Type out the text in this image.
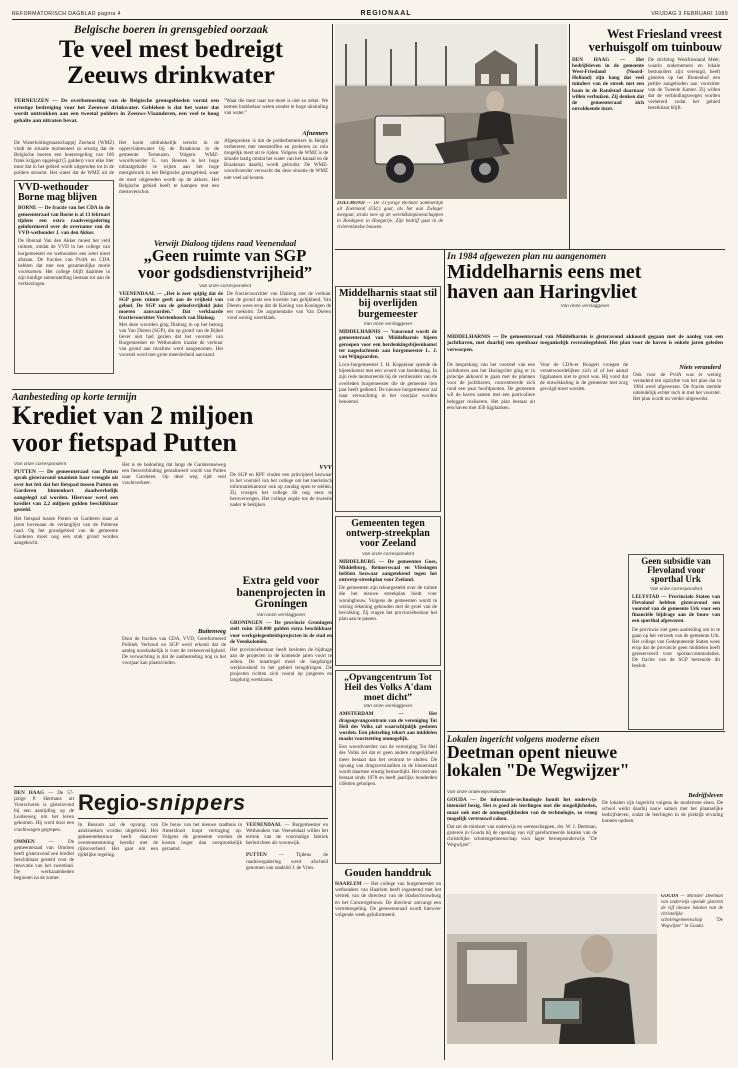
REFORMATORISCH DAGBLAD pagina 4	REGIONAAL	VRIJDAG 3 FEBRUARI 1989
Belgische boeren in grensgebied oorzaak
Te veel mest bedreigt
Zeeuws drinkwater
TERNEUZEN — De overbemesting van de Belgische grensgebieden vormt een ernstige bedreiging voor het Zeeuwse drinkwater. Gebleken is dat het water dat wordt onttrokken aan een tweetal polders in Zeeuws-Vlaanderen, een veel te hoog gehalte aan nitraten bevat.
De Waterleidingmaatschappij Zeeland (WMZ) vindt de situatie momenteel zo ernstig dat de Belgische boeren een boeteregeling van 100 frank krijgen opgelegd (5 gulden) voor elke liter mest dat in het gebied wordt uitgereden tot in de polders stroomt. Het water dat de WMZ uit de
Het komt uitdrukkelijk terecht in de oppervlaktewater bij de Braakman in de gemeente Terneuzen. Volgens WMZ-woordvoerder G. van Reenen is het hoge nitraatgehalte te wijten aan het hoge mestgebruik in het Belgische grensgebied, waar de mest uitgereden wordt op de akkers. Het Belgische gebied heeft te kampen met een mestoverschot.
"Waar die mest naar toe moet is niet zo zeker. We nemen brabbelaar weten zonder te hoge uitstraling van water."
Afnemers
Afgesproken is dat de polderbemesters in België verbeteren met meststoffen en proberen zo min mogelijk mest uit te rijden. Volgens de WMZ is de situatie lastig omdat het water van het kanaal en de Braakman daarbij wordt gebruikt. De WMZ-woordvoerder verwacht dat deze situatie de WMZ niet veel zal kosten.
VVD-wethouder Borne mag blijven
BORNE — De fractie van het CDA in de gemeenteraad van Borne is al 13 februari tijdens een extra raadsvergadering geïnformeerd over de overname van de VVD-wethouder J. van den Akker.
De liberaal Van den Akker moest het veld ruimen, omdat de VVD in het college van burgemeester en wethouders een zetel moet afstaan. De fracties van PvdA en CDA hebben dat met een gezamenlijke motie voorkomen. Het college blijft daarmee in zijn huidige samenstelling bestaan tot aan de verkiezingen.
Verwijt Dialoog tijdens raad Veenendaal
„Geen ruimte van SGP
voor godsdienstvrijheid”
Van onze correspondent
VEENENDAAL — „Het is zeer spijtig dat de SGP geen ruimte geeft aan de vrijheid van geloof. De SGP zou de geloofsvrijheid juist moeten aanvaarden." Dat verklaarde fractievoorzitter Vorstenbosch van Dialoog.
Met deze woorden ging Dialoog in op het betoog van Van Dieren (SGP), die op grond van de Bijbel liever niet had gezien dat het voorstel van Burgemeester en Wethouders inzake de verhuur van grond aan moslims werd aangenomen. Het voorstel werd met grote meerderheid aanvaard.
De fractievoorzitter van Dialoog ziet de verhuur van de grond als een kwestie van gelijkheid. Van Dieren wees erop dat de Koning van Koningen de eer toekomt. De argumentatie van Van Dieren vond weinig weerklank.
ZOELMOND — De 21-jarige Richard Sommerdijk uit Zoelmond (Gld.) gaat, als het aan Zwinger meegaat, straks mee op de wereldkampioenschappen in Boedapest in Hongarije. Zijn bedrijf gaat in de rivierenlandse bouwen.
West Friesland vreest verhuisgolf om tuinbouw
DEN HAAG — Het bedrijfsleven in de gemeente West-Friesland (Noord-Holland) zijn bang dat veel tuinders van de streek met een baan in de Randstad daarnaar willen verhuizen. Zij denken dat de gemeenteraad zich onvoldoende inzet.
De stichting Westfriesland Méér, waarin ondernemers en lokale bestuurders zijn verenigd, heeft gisteren op het Binnenhof een petitie aangeboden aan voorzitter van de Tweede Kamer. Zij willen dat de verbindingswegen worden verbeterd zodat het gebied bereikbaar blijft.
In 1984 afgewezen plan nu aangenomen
Middelharnis eens met
haven aan Haringvliet
Van onze verslaggever
MIDDELHARNIS — De gemeenteraad van Middelharnis is gisteravond akkoord gegaan met de aanleg van een jachthaven, met daarbij een openbaar toegankelijk recreatiegebied. Het plan voor de haven is enkele jaren geleden verworpen.
De bespreking van het voorstel van een jachthaven aan het Haringvliet ging er in principe akkoord te gaan met de plannen voor de jachthaven, concentreerde zich rond een paar hoofdpunten. De gemeente wil de haven samen met een particuliere belegger realiseren. Het plan bestaat uit een haven met 450 ligplaatsen.
Voor de CDA-er Boogert vroegen de verantwoordelijken zich af of het aantal ligplaatsen niet te groot was. Hij vond dat de ontwikkeling in de gemeente met zorg gevolgd moet worden.
Niets veranderd
Ook voor de PvdA was er weinig veranderd ten opzichte van het plan dat in 1984 werd afgewezen. De fractie stemde uiteindelijk echter toch in met het voorstel. Het plan wordt nu verder uitgewerkt.
Middelharnis staat stil bij overlijden burgemeester
Van onze verslaggever
MIDDELHARNIS — Vanavond wordt de gemeenteraad van Middelharnis bijeen geroepen voor een herdenkingsbijeenkomst ter nagedachtenis aan burgemeester L. J. van Wijngaarden.
Loco-burgemeester J. H. Koppelaar opende de bijeenkomst met een woord van herdenking. In zijn rede memoreerde hij de verdiensten van de overleden burgemeester die de gemeente tien jaar heeft gediend. De nieuwe burgemeester zal naar verwachting in het voorjaar worden benoemd.
Aanbesteding op korte termijn
Krediet van 2 miljoen
voor fietspad Putten
Van onze correspondent
PUTTEN — De gemeenteraad van Putten sprak gisteravond unaniem haar vreugde uit over het feit dat het fietspad tussen Putten en Garderen binnenkort daadwerkelijk aangelegd zal worden. Hiervoor werd een krediet van 2,2 miljoen gulden beschikbaar gesteld.
Het fietspad tussen Putten en Garderen staat al jaren bovenaan de verlanglijst van de Puttense raad. Op het grondgebied van de gemeente Garderen moet nog een stuk grond worden aangekocht.
Het is de bedoeling dat langs de Garderenseweg een fietsverbinding gerealiseerd wordt van Putten naar Garderen. Op deze weg rijdt veel vrachtverkeer.
Buitenweg
Door de fracties van CDA, VVD, Gereformeerd Politiek Verbond en SGP werd erkend dat de aanleg noodzakelijk is voor de verkeersveiligheid. De verwachting is dat de aanbesteding nog in het voorjaar kan plaatsvinden.
VVV
De SGP en RPF vinden een principieel bezwaar in het voorstel van het college om het toeristisch informatiekantoor ook op zondag open te stellen. Zij vroegen het college dit nog eens te heroverwegen. Het college zegde toe de kwestie nader te bekijken.
Extra geld voor banenprojecten in Groningen
Van onze verslaggever
GRONINGEN — De provincie Groningen stelt ruim 150.000 gulden extra beschikbaar voor werkgelegenheidsprojecten in de stad en de Veenkoloniën.
Het provinciebestuur heeft besloten de bijdrage aan de projecten in de komende jaren voort te zetten. De maatregel moet de langdurige werkloosheid in het gebied terugdringen. De projecten richten zich vooral op jongeren en langdurig werklozen.
Gemeenten tegen ontwerp-streekplan voor Zeeland
Van onze correspondent
MIDDELBURG — De gemeenten Goes, Middelburg, Reimerswaal en Vlissingen hebben bezwaar aangetekend tegen het ontwerp-streekplan voor Zeeland.
De gemeenten zijn teleurgesteld over de ruimte die het nieuwe streekplan biedt voor woningbouw. Volgens de gemeenten wordt te weinig rekening gehouden met de groei van de bevolking. Zij vragen het provinciebestuur het plan aan te passen.
„Opvangcentrum Tot Heil des Volks A'dam moet dicht”
Van onze verslaggever
AMSTERDAM — Het drugsopvangcentrum van de vereniging Tot Heil des Volks zal waarschijnlijk gesloten worden. Een plotseling tekort aan middelen maakt voortzetting onmogelijk.
Een woordvoerder van de vereniging Tot Heil des Volks zei dat er geen andere mogelijkheid meer bestaat dan het centrum te sluiten. De opvang van drugsverslaafden in de binnenstad wordt daarmee ernstig bemoeilijkt. Het centrum bestaat sinds 1978 en heeft jaarlijks honderden cliënten geholpen.
Gouden handdruk
HAARLEM — Het college van burgemeester en wethouders van Haarlem heeft ingestemd met het vertrek van de directeur van de Stadsschouwburg en het Concertgebouw. De directeur ontvangt een vertrekregeling. De gemeenteraad wordt hierover volgende week geïnformeerd.
Geen subsidie van Flevoland voor sporthal Urk
Van onze correspondent
LELYSTAD — Provinciale Staten van Flevoland hebben gisteravond een voorstel van de gemeente Urk voor een financiële bijdrage aan de bouw van een sporthal afgewezen.
De provincie ziet geen aanleiding om in te gaan op het verzoek van de gemeente Urk. Het college van Gedeputeerde Staten wees erop dat de provincie geen middelen heeft gereserveerd voor sportaccommodaties. De fractie van de SGP betreurde dit besluit.
Lokalen ingericht volgens moderne eisen
Deetman opent nieuwe
lokalen "De Wegwijzer"
Van onze onderwijsredactie
GOUDA — De informatie-technologie houdt het onderwijs intensief bezig. Het is goed als leerlingen met die mogelijkheden, maar ook met de onmogelijkheden van de technologie, zo vroeg mogelijk vertrouwd raken.
Dat zei de minister van onderwijs en wetenschappen, drs. W. J. Deetman, gisteren in Gouda bij de opening van vijf gereformeerde lokalen van de christelijke scholengemeenschap voor lager beroepsonderwijs "De Wegwijzer".
Bedrijfsleven
De lokalen zijn ingericht volgens de modernste eisen. De school werkt daarbij nauw samen met het plaatselijke bedrijfsleven, zodat de leerlingen in de praktijk ervaring kunnen opdoen.
GOUDA — Minister Deetman van onderwijs opende gisteren de vijf nieuwe lokalen van de christelijke scholengemeenschap "De Wegwijzer" in Gouda.
DEN HAAG — De 57-jarige P. Hermans uit Voorschoten is gisteravond bij een aanrijding op de Leidseweg om het leven gekomen. Hij werd door een vrachtwagen gegrepen.

OMMEN — De gemeenteraad van Ommen heeft gisteravond een krediet beschikbaar gesteld voor de renovatie van het zwembad. De werkzaamheden beginnen na de zomer.
Regio- snippers
In Bussum zal de opvang van asielzoekers worden uitgebreid. Het gemeentebestuur heeft daarover overeenstemming bereikt met de rijksoverheid. Het gaat om een tijdelijke regeling.
De bouw van het nieuwe raadhuis in Amersfoort loopt vertraging op. Volgens de gemeente worden de kosten hoger dan oorspronkelijk geraamd.
VEENENDAAL — Burgemeester en Wethouders van Veenendaal willen het terrein van de voormalige fabriek herinrichten als woonwijk.

PUTTEN — Tijdens de raadsvergadering werd afscheid genomen van raadslid J. de Vries.
